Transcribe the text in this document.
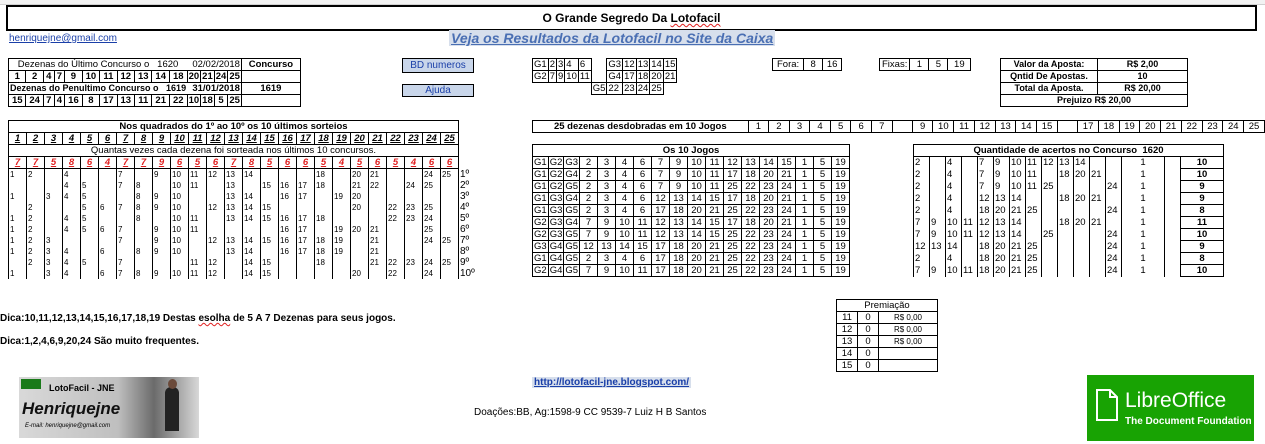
O Grande Segredo Da Lotofacil
henriquejne@gmail.com	Veja os Resultados da Lotofacil no Site da Caixa
Dezenas do Último Concurso o 1620											02/02/2018				Concurso
1	2	4	7	9	10	11	12	13	14	18	20	21	24	25	
Dezenas do Penultimo Concurso o 1619											31/01/2018				1619
15	24	7	4	16	8	17	13	11	21	22	10	18	5	25	
BD numeros
Ajuda
G1	2	3	4	6		G3	12	13	14	15
G2	7	9	10	11		G4	17	18	20	21
					G5	22	23	24	25	
Fora:	8	16	Fixas:	1	5	19	Valor da Aposta:	R$ 2,00
Qntid De Apostas.	10
Total da Aposta.	R$ 20,00
Prejuizo R$ 20,00	
Nos quadrados do 1º ao 10º os 10 últimos sorteios																									
1	2	3	4	5	6	7	8	9	10	11	12	13	14	15	16	17	18	19	20	21	22	23	24	25	
Quantas vezes cada dezena foi sorteada nos últimos 10 concursos.																									
7	7	5	8	6	4	7	7	9	6	5	6	7	8	5	6	6	5	4	5	6	5	4	6	6	
1	2		4			7		9	10	11	12	13	14				18		20	21			24	25	1º
			4	5		7	8		10	11		13		15	16	17	18		21	22		24	25		2º
1		3	4	5			8	9	10			13	14		16	17		19	20						3º
	2			5	6	7	8	9	10		12	13	14	15					20		22	23	25		4º
1	2		4	5			8		10	11		13	14	15	16	17	18				22	23	24		5º
1	2		4	5	6	7		9	10	11					16	17		19	20	21			25		6º
1	2	3				7		9	10		12	13	14	15	16	17	18	19		21			24	25	7º
1	2	3	4		6		8	9	10			13	14		16	17	18	19		21					8º
	2	3	4	5		7				11	12		14	15			18			21	22	23	24	25	9º
1		3	4		6	7	8	9	10	11	12		14	15					20		22		24		10º
25 dezenas desdobradas em 10 Jogos	1	2	3	4	5	6	7		9	10	11	12	13	14	15		17	18	19	20	21	22	23	24	25
Os 10 Jogos																	
G1	G2	G3	2	3	4	6	7	9	10	11	12	13	14	15	1	5	19
G1	G2	G4	2	3	4	6	7	9	10	11	17	18	20	21	1	5	19
G1	G2	G5	2	3	4	6	7	9	10	11	25	22	23	24	1	5	19
G1	G3	G4	2	3	4	6	12	13	14	15	17	18	20	21	1	5	19
G1	G3	G5	2	3	4	6	17	18	20	21	25	22	23	24	1	5	19
G2	G3	G4	7	9	10	11	12	13	14	15	17	18	20	21	1	5	19
G2	G3	G5	7	9	10	11	12	13	14	15	25	22	23	24	1	5	19
G3	G4	G5	12	13	14	15	17	18	20	21	25	22	23	24	1	5	19
G1	G4	G5	2	3	4	6	17	18	20	21	25	22	23	24	1	5	19
G2	G4	G5	7	9	10	11	17	18	20	21	25	22	23	24	1	5	19
Quantidade de acertos no Concurso 1620															
2		4		7	9	10	11	12	13	14			1		10
2		4		7	9	10	11		18	20	21		1		10
2		4		7	9	10	11	25				24	1		9
2		4		12	13	14			18	20	21		1		9
2		4		18	20	21	25					24	1		8
7	9	10	11	12	13	14			18	20	21		1		11
7	9	10	11	12	13	14		25				24	1		10
12	13	14		18	20	21	25					24	1		9
2		4		18	20	21	25					24	1		8
7	9	10	11	18	20	21	25					24	1		10
Premiação		
11	0	R$ 0,00
12	0	R$ 0,00
13	0	R$ 0,00
14	0	
15	0	
Dica:10,11,12,13,14,15,16,17,18,19 Destas esolha de 5 A 7 Dezenas para seus jogos.
Dica:1,2,4,6,9,20,24 São muito frequentes.
http://lotofacil-jne.blogspot.com/
Doações:BB, Ag:1598-9 CC 9539-7 Luiz H B Santos
LotoFacil - JNE
Henriquejne
E-mail: henriquejne@gmail.com
LibreOffice
The Document Foundation
